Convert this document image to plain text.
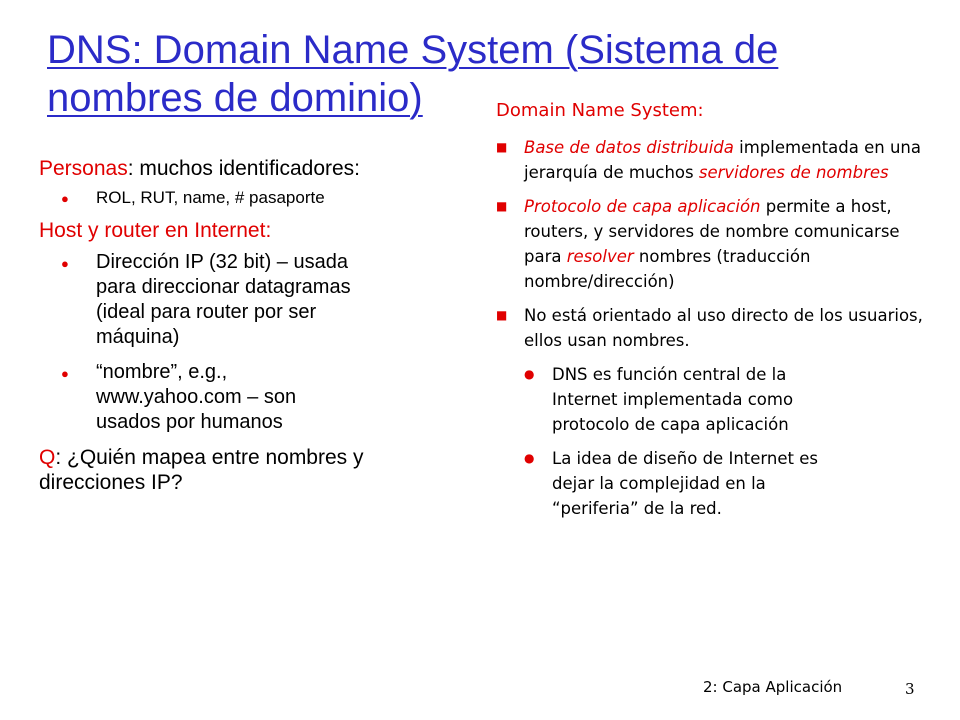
DNS: Domain Name System (Sistema de nombres de dominio)

Personas: muchos identificadores:

● ROL, RUT, name, # pasaporte

Host y router en Internet:

● Dirección IP (32 bit) – usada para direccionar datagramas (ideal para router por ser máquina)
● “nombre”, e.g., www.yahoo.com – son usados por humanos

Q: ¿Quién mapea entre nombres y direcciones IP?

Domain Name System:

■	Base de datos distribuida implementada en una jerarquía de muchos servidores de nombres
■	Protocolo de capa aplicación permite a host, routers, y servidores de nombre comunicarse para resolver nombres (traducción nombre/dirección)
■	No está orientado al uso directo de los usuarios, ellos usan nombres.
●	DNS es función central de la Internet implementada como protocolo de capa aplicación
●	La idea de diseño de Internet es dejar la complejidad en la “periferia” de la red.
2: Capa Aplicación	3
